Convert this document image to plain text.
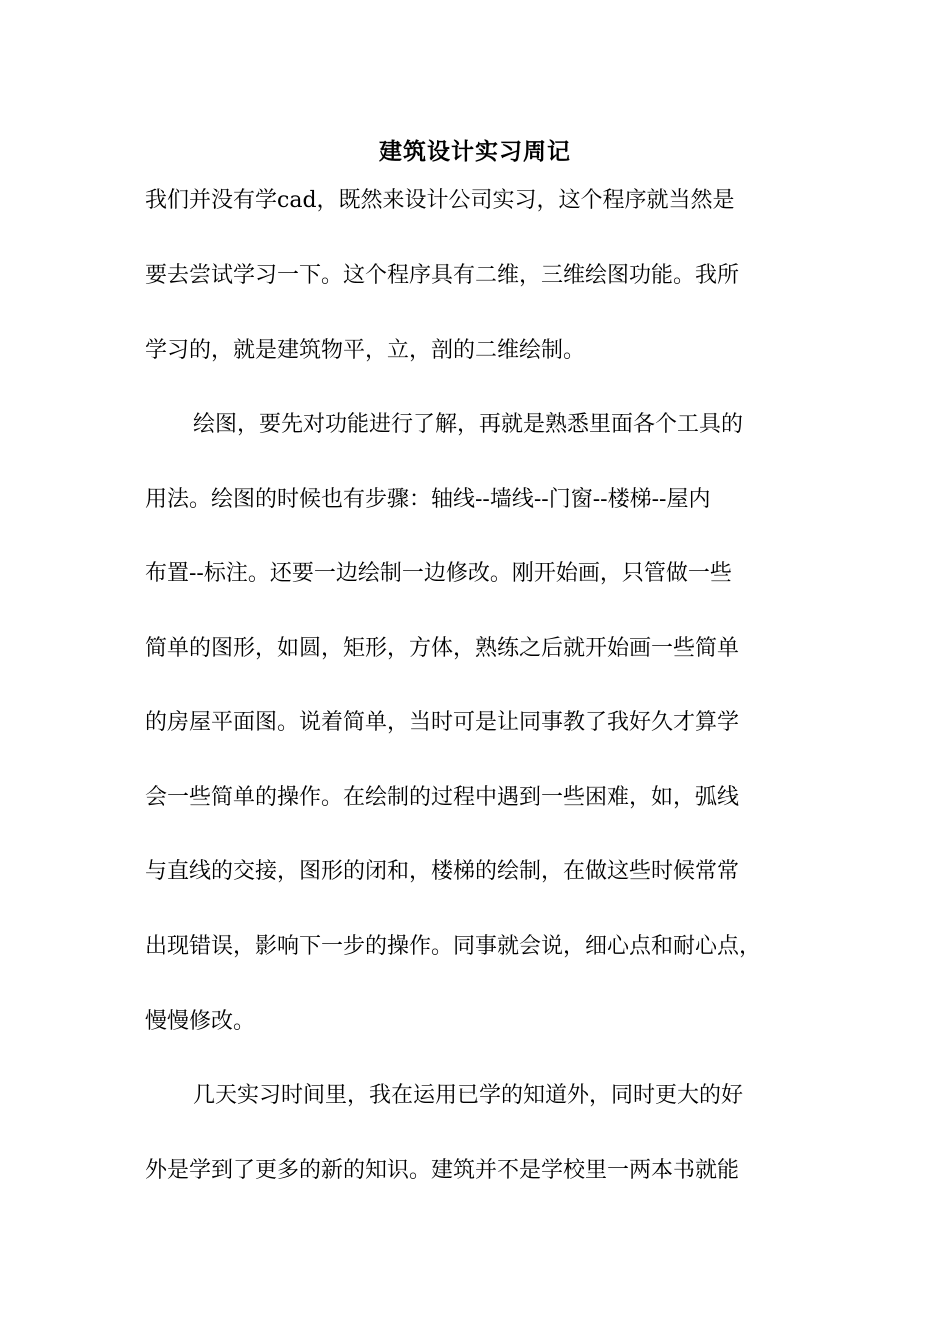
建筑设计实习周记

我们并没有学cad，既然来设计公司实习，这个程序就当然是

要去尝试学习一下。这个程序具有二维，三维绘图功能。我所

学习的，就是建筑物平，立，剖的二维绘制。

绘图，要先对功能进行了解，再就是熟悉里面各个工具的

用法。绘图的时候也有步骤：轴线--墙线--门窗--楼梯--屋内

布置--标注。还要一边绘制一边修改。刚开始画，只管做一些

简单的图形，如圆，矩形，方体，熟练之后就开始画一些简单

的房屋平面图。说着简单，当时可是让同事教了我好久才算学

会一些简单的操作。在绘制的过程中遇到一些困难，如，弧线

与直线的交接，图形的闭和，楼梯的绘制，在做这些时候常常

出现错误，影响下一步的操作。同事就会说，细心点和耐心点，

慢慢修改。

几天实习时间里，我在运用已学的知道外，同时更大的好

外是学到了更多的新的知识。建筑并不是学校里一两本书就能
